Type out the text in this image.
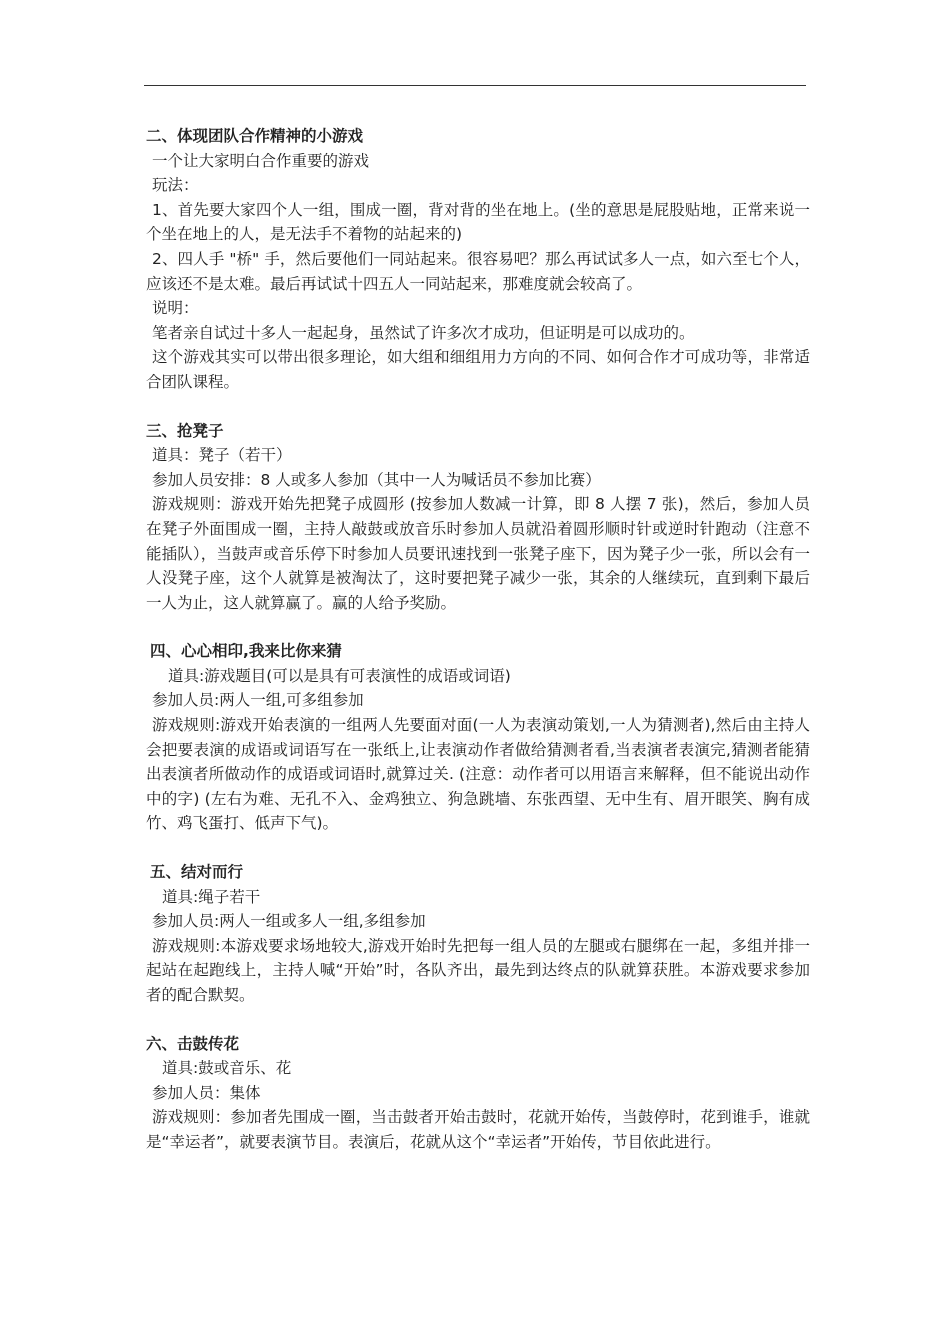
二、体现团队合作精神的小游戏

一个让大家明白合作重要的游戏

玩法：

1、首先要大家四个人一组，围成一圈，背对背的坐在地上。(坐的意思是屁股贴地，正常来说一个坐在地上的人，是无法手不着物的站起来的)

2、四人手 "桥" 手，然后要他们一同站起来。很容易吧？那么再试试多人一点，如六至七个人，应该还不是太难。最后再试试十四五人一同站起来，那难度就会较高了。

说明：

笔者亲自试过十多人一起起身，虽然试了许多次才成功，但证明是可以成功的。

这个游戏其实可以带出很多理论，如大组和细组用力方向的不同、如何合作才可成功等，非常适合团队课程。

三、抢凳子

道具：凳子（若干）

参加人员安排：8 人或多人参加（其中一人为喊话员不参加比赛）

游戏规则：游戏开始先把凳子成圆形 (按参加人数减一计算，即 8 人摆 7 张)，然后，参加人员在凳子外面围成一圈，主持人敲鼓或放音乐时参加人员就沿着圆形顺时针或逆时针跑动（注意不能插队），当鼓声或音乐停下时参加人员要讯速找到一张凳子座下，因为凳子少一张，所以会有一人没凳子座，这个人就算是被淘汰了，这时要把凳子减少一张，其余的人继续玩，直到剩下最后一人为止，这人就算赢了。赢的人给予奖励。

四、心心相印,我来比你来猜

道具:游戏题目(可以是具有可表演性的成语或词语)

参加人员:两人一组,可多组参加

游戏规则:游戏开始表演的一组两人先要面对面(一人为表演动策划,一人为猜测者),然后由主持人会把要表演的成语或词语写在一张纸上,让表演动作者做给猜测者看,当表演者表演完,猜测者能猜出表演者所做动作的成语或词语时,就算过关. (注意：动作者可以用语言来解释，但不能说出动作中的字) (左右为难、无孔不入、金鸡独立、狗急跳墙、东张西望、无中生有、眉开眼笑、胸有成竹、鸡飞蛋打、低声下气)。

五、结对而行

道具:绳子若干

参加人员:两人一组或多人一组,多组参加

游戏规则:本游戏要求场地较大,游戏开始时先把每一组人员的左腿或右腿绑在一起，多组并排一起站在起跑线上，主持人喊“开始”时，各队齐出，最先到达终点的队就算获胜。本游戏要求参加者的配合默契。

六、击鼓传花

道具:鼓或音乐、花

参加人员：集体

游戏规则：参加者先围成一圈，当击鼓者开始击鼓时，花就开始传，当鼓停时，花到谁手，谁就是“幸运者”，就要表演节目。表演后，花就从这个“幸运者”开始传，节目依此进行。
